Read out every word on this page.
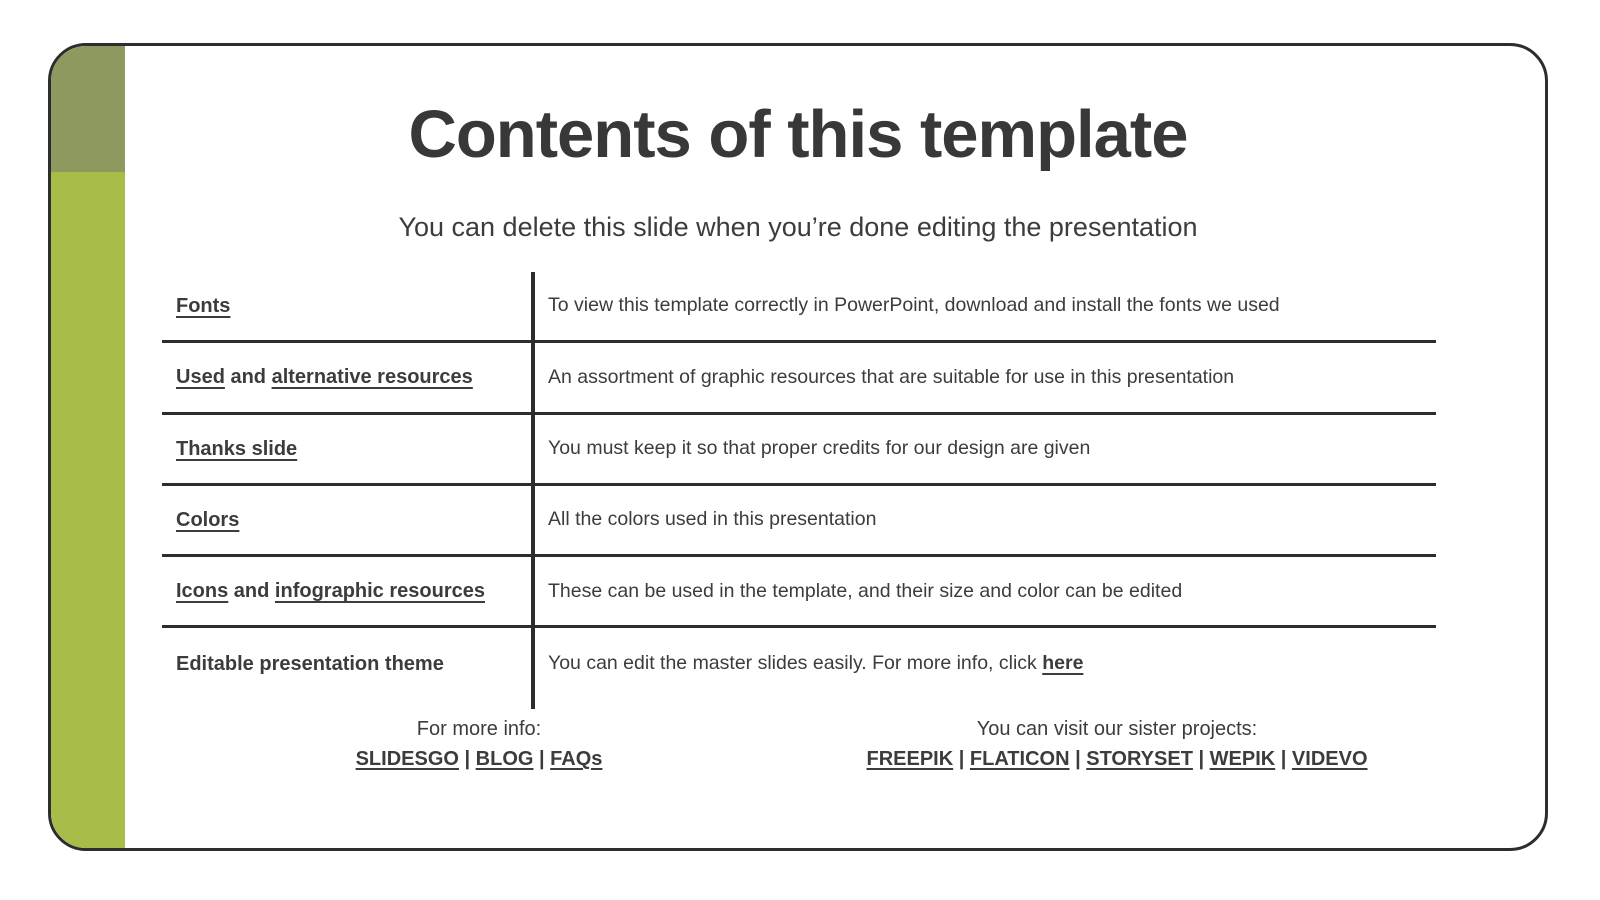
Contents of this template
You can delete this slide when you’re done editing the presentation
Fonts	To view this template correctly in PowerPoint, download and install the fonts we used
Used and alternative resources	An assortment of graphic resources that are suitable for use in this presentation
Thanks slide	You must keep it so that proper credits for our design are given
Colors	All the colors used in this presentation
Icons and infographic resources	These can be used in the template, and their size and color can be edited
Editable presentation theme	You can edit the master slides easily. For more info, click here
For more info:
SLIDESGO | BLOG | FAQs
You can visit our sister projects:
FREEPIK | FLATICON | STORYSET | WEPIK | VIDEVO
